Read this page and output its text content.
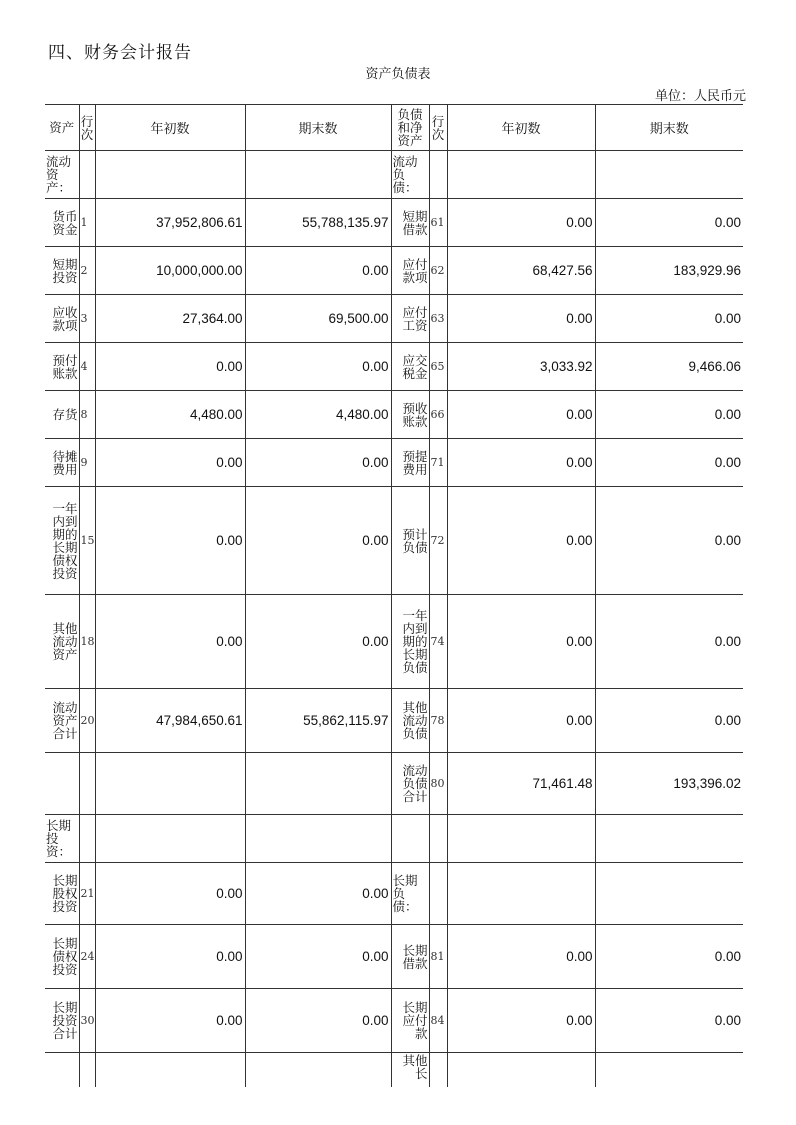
四、财务会计报告
资产负债表
单位：人民币元
资产	行次	年初数	期末数	负债和净资产	行次	年初数	期末数

流动资产：				流动负债：			

货币资金	1	37,952,806.61	55,788,135.97	短期借款	61	0.00	0.00

短期投资	2	10,000,000.00	0.00	应付款项	62	68,427.56	183,929.96

应收款项	3	27,364.00	69,500.00	应付工资	63	0.00	0.00

预付账款	4	0.00	0.00	应交税金	65	3,033.92	9,466.06

存货	8	4,480.00	4,480.00	预收账款	66	0.00	0.00

待摊费用	9	0.00	0.00	预提费用	71	0.00	0.00

一年内到期的长期债权投资	15	0.00	0.00	预计负债	72	0.00	0.00

其他流动资产	18	0.00	0.00	一年内到期的长期负债	74	0.00	0.00

流动资产合计	20	47,984,650.61	55,862,115.97	其他流动负债	78	0.00	0.00

				流动负债合计	80	71,461.48	193,396.02

长期投资：							

长期股权投资	21	0.00	0.00	长期负债：			

长期债权投资	24	0.00	0.00	长期借款	81	0.00	0.00

长期投资合计	30	0.00	0.00	长期应付款	84	0.00	0.00

				其他长			
